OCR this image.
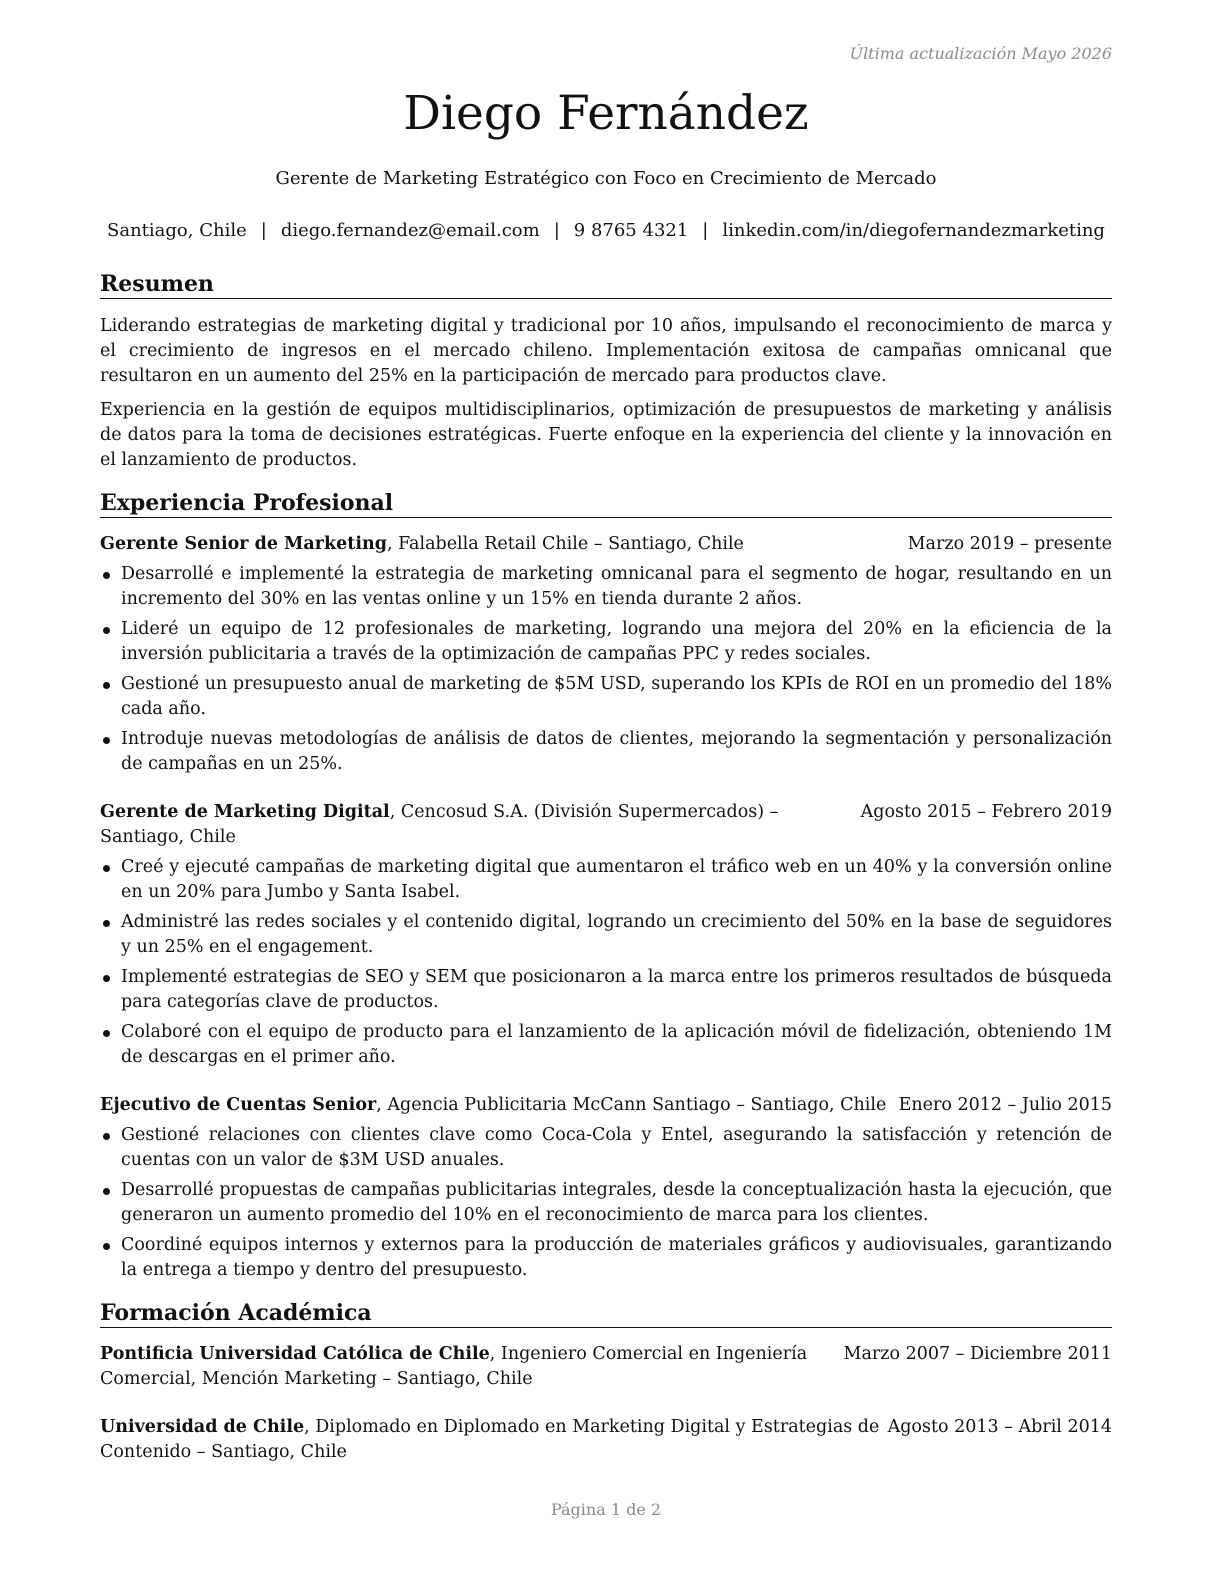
Última actualización Mayo 2026
Diego Fernández
Gerente de Marketing Estratégico con Foco en Crecimiento de Mercado
Santiago, Chile | diego.fernandez@email.com | 9 8765 4321 | linkedin.com/in/diegofernandezmarketing
Resumen

Liderando estrategias de marketing digital y tradicional por 10 años, impulsando el reconocimiento de marca y el crecimiento de ingresos en el mercado chileno. Implementación exitosa de campañas omnicanal que resultaron en un aumento del 25% en la participación de mercado para productos clave.

Experiencia en la gestión de equipos multidisciplinarios, optimización de presupuestos de marketing y análisis de datos para la toma de decisiones estratégicas. Fuerte enfoque en la experiencia del cliente y la innovación en el lanzamiento de productos.

Experiencia Profesional
Gerente Senior de Marketing, Falabella Retail Chile – Santiago, Chile	Marzo 2019 – presente
Desarrollé e implementé la estrategia de marketing omnicanal para el segmento de hogar, resultando en un incremento del 30% en las ventas online y un 15% en tienda durante 2 años.
Lideré un equipo de 12 profesionales de marketing, logrando una mejora del 20% en la eficiencia de la inversión publicitaria a través de la optimización de campañas PPC y redes sociales.
Gestioné un presupuesto anual de marketing de $5M USD, superando los KPIs de ROI en un promedio del 18% cada año.
Introduje nuevas metodologías de análisis de datos de clientes, mejorando la segmentación y personalización de campañas en un 25%.
Gerente de Marketing Digital, Cencosud S.A. (División Supermercados) – Santiago, Chile
Agosto 2015 – Febrero 2019
Creé y ejecuté campañas de marketing digital que aumentaron el tráfico web en un 40% y la conversión online en un 20% para Jumbo y Santa Isabel.
Administré las redes sociales y el contenido digital, logrando un crecimiento del 50% en la base de seguidores y un 25% en el engagement.
Implementé estrategias de SEO y SEM que posicionaron a la marca entre los primeros resultados de búsqueda para categorías clave de productos.
Colaboré con el equipo de producto para el lanzamiento de la aplicación móvil de fidelización, obteniendo 1M de descargas en el primer año.
Ejecutivo de Cuentas Senior, Agencia Publicitaria McCann Santiago – Santiago, Chile Enero 2012 – Julio 2015
Gestioné relaciones con clientes clave como Coca-Cola y Entel, asegurando la satisfacción y retención de cuentas con un valor de $3M USD anuales.
Desarrollé propuestas de campañas publicitarias integrales, desde la conceptualización hasta la ejecución, que generaron un aumento promedio del 10% en el reconocimiento de marca para los clientes.
Coordiné equipos internos y externos para la producción de materiales gráficos y audiovisuales, garantizando la entrega a tiempo y dentro del presupuesto.
Formación Académica
Pontificia Universidad Católica de Chile, Ingeniero Comercial en Ingeniería Comercial, Mención Marketing – Santiago, Chile
Marzo 2007 – Diciembre 2011
Universidad de Chile, Diplomado en Diplomado en Marketing Digital y Estrategias de Contenido – Santiago, Chile
Agosto 2013 – Abril 2014
Página 1 de 2
